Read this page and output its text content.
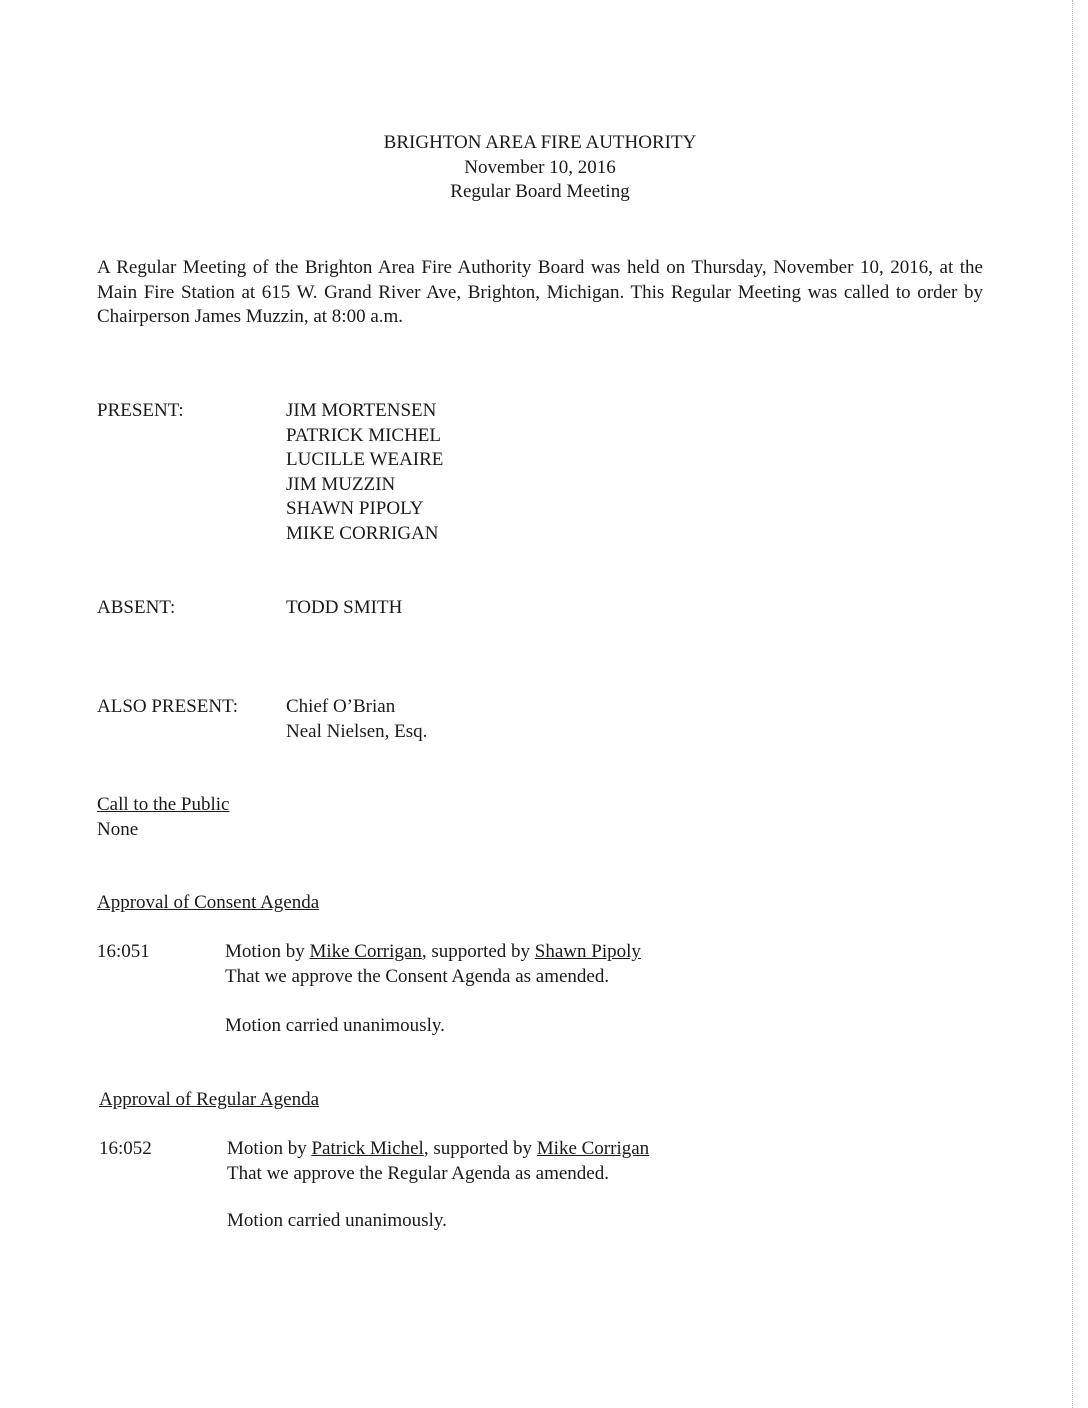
BRIGHTON AREA FIRE AUTHORITY
November 10, 2016
Regular Board Meeting

A Regular Meeting of the Brighton Area Fire Authority Board was held on Thursday, November 10, 2016, at the Main Fire Station at 615 W. Grand River Ave, Brighton, Michigan. This Regular Meeting was called to order by Chairperson James Muzzin, at 8:00 a.m.

PRESENT:	JIM MORTENSEN
PATRICK MICHEL
LUCILLE WEAIRE
JIM MUZZIN
SHAWN PIPOLY
MIKE CORRIGAN
ABSENT:	TODD SMITH
ALSO PRESENT:	Chief O’Brian
Neal Nielsen, Esq.
Call to the Public
None
Approval of Consent Agenda
16:051	Motion by Mike Corrigan, supported by Shawn Pipoly
That we approve the Consent Agenda as amended.
Motion carried unanimously.
Approval of Regular Agenda
16:052	Motion by Patrick Michel, supported by Mike Corrigan
That we approve the Regular Agenda as amended.
Motion carried unanimously.
